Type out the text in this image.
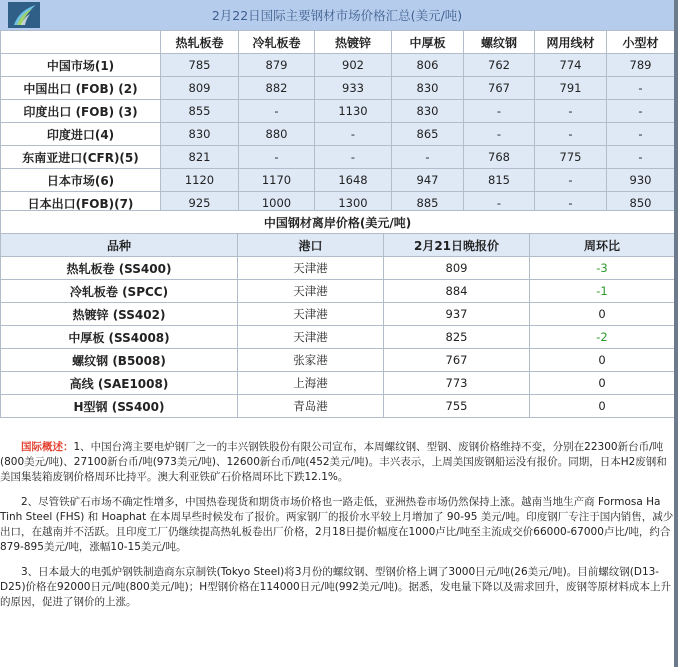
2月22日国际主要钢材市场价格汇总(美元/吨)
	热轧板卷	冷轧板卷	热镀锌	中厚板	螺纹钢	网用线材	小型材
中国市场(1)	785	879	902	806	762	774	789
中国出口 (FOB) (2)	809	882	933	830	767	791	-
印度出口 (FOB) (3)	855	-	1130	830	-	-	-
印度进口(4)	830	880	-	865	-	-	-
东南亚进口(CFR)(5)	821	-	-	-	768	775	-
日本市场(6)	1120	1170	1648	947	815	-	930
日本出口(FOB)(7)	925	1000	1300	885	-	-	850
中国钢材离岸价格(美元/吨)			
品种	港口	2月21日晚报价	周环比
热轧板卷 (SS400)	天津港	809	-3
冷轧板卷 (SPCC)	天津港	884	-1
热镀锌 (SS402)	天津港	937	0
中厚板 (SS4008)	天津港	825	-2
螺纹钢 (B5008)	张家港	767	0
高线 (SAE1008)	上海港	773	0
H型钢 (SS400)	青岛港	755	0

国际概述：1、中国台湾主要电炉钢厂之一的丰兴钢铁股份有限公司宣布，本周螺纹钢、型钢、废钢价格维持不变，分别在22300新台币/吨(800美元/吨)、27100新台币/吨(973美元/吨)、12600新台币/吨(452美元/吨)。丰兴表示，上周美国废钢船运没有报价。同期，日本H2废钢和美国集装箱废钢价格周环比持平。澳大利亚铁矿石价格周环比下跌12.1%。

2、尽管铁矿石市场不确定性增多，中国热卷现货和期货市场价格也一路走低，亚洲热卷市场仍然保持上涨。越南当地生产商 Formosa Ha Tinh Steel (FHS) 和 Hoaphat 在本周早些时候发布了报价。两家钢厂的报价水平较上月增加了 90-95 美元/吨。印度钢厂专注于国内销售，减少出口，在越南并不活跃。且印度工厂仍继续提高热轧板卷出厂价格，2月18日提价幅度在1000卢比/吨至主流成交价66000-67000卢比/吨，约合879-895美元/吨，涨幅10-15美元/吨。

3、日本最大的电弧炉钢铁制造商东京制铁(Tokyo Steel)将3月份的螺纹钢、型钢价格上调了3000日元/吨(26美元/吨)。目前螺纹钢(D13-D25)价格在92000日元/吨(800美元/吨)；H型钢价格在114000日元/吨(992美元/吨)。据悉，发电量下降以及需求回升，废钢等原材料成本上升的原因，促进了钢价的上涨。
